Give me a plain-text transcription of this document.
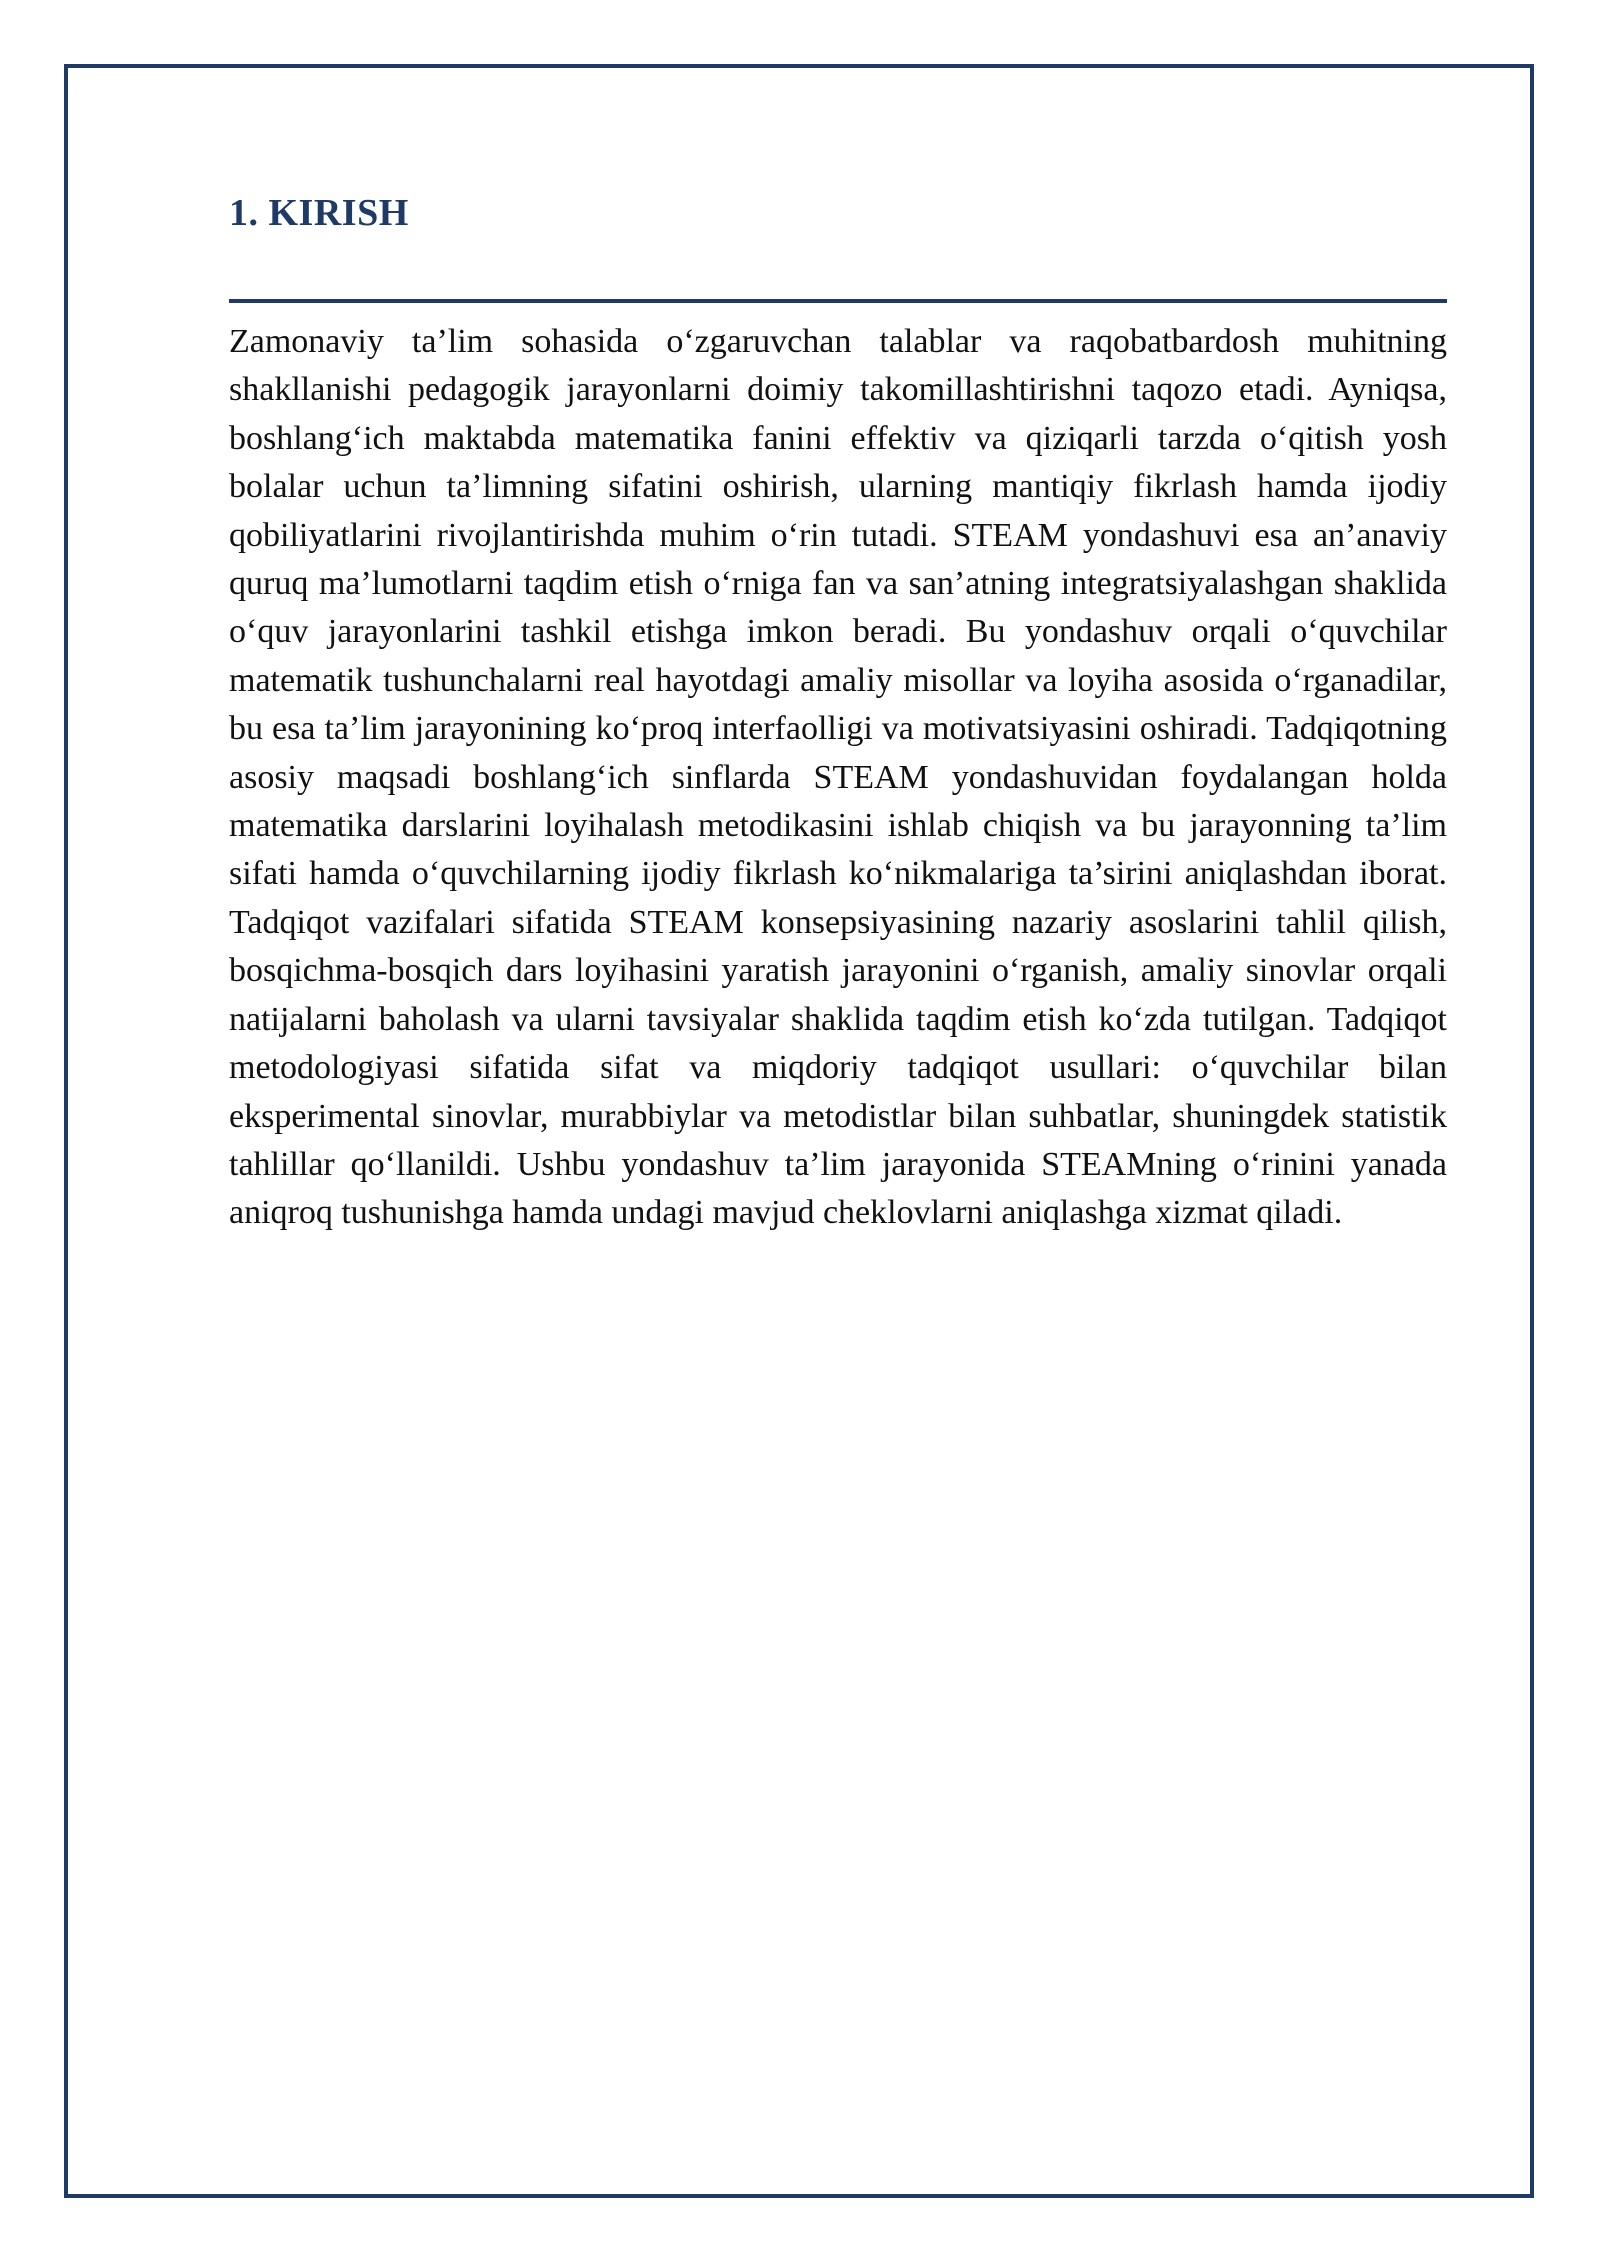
1. KIRISH

Zamonaviy ta’lim sohasida o‘zgaruvchan talablar va raqobatbardosh muhitning shakllanishi pedagogik jarayonlarni doimiy takomillashtirishni taqozo etadi. Ayniqsa, boshlang‘ich maktabda matematika fanini effektiv va qiziqarli tarzda o‘qitish yosh bolalar uchun ta’limning sifatini oshirish, ularning mantiqiy fikrlash hamda ijodiy qobiliyatlarini rivojlantirishda muhim o‘rin tutadi. STEAM yondashuvi esa an’anaviy quruq ma’lumotlarni taqdim etish o‘rniga fan va san’atning integratsiyalashgan shaklida o‘quv jarayonlarini tashkil etishga imkon beradi. Bu yondashuv orqali o‘quvchilar matematik tushunchalarni real hayotdagi amaliy misollar va loyiha asosida o‘rganadilar, bu esa ta’lim jarayonining ko‘proq interfaolligi va motivatsiyasini oshiradi. Tadqiqotning asosiy maqsadi boshlang‘ich sinflarda STEAM yondashuvidan foydalangan holda matematika darslarini loyihalash metodikasini ishlab chiqish va bu jarayonning ta’lim sifati hamda o‘quvchilarning ijodiy fikrlash ko‘nikmalariga ta’sirini aniqlashdan iborat. Tadqiqot vazifalari sifatida STEAM konsepsiyasining nazariy asoslarini tahlil qilish, bosqichma-bosqich dars loyihasini yaratish jarayonini o‘rganish, amaliy sinovlar orqali natijalarni baholash va ularni tavsiyalar shaklida taqdim etish ko‘zda tutilgan. Tadqiqot metodologiyasi sifatida sifat va miqdoriy tadqiqot usullari: o‘quvchilar bilan eksperimental sinovlar, murabbiylar va metodistlar bilan suhbatlar, shuningdek statistik tahlillar qo‘llanildi. Ushbu yondashuv ta’lim jarayonida STEAMning o‘rinini yanada aniqroq tushunishga hamda undagi mavjud cheklovlarni aniqlashga xizmat qiladi.
